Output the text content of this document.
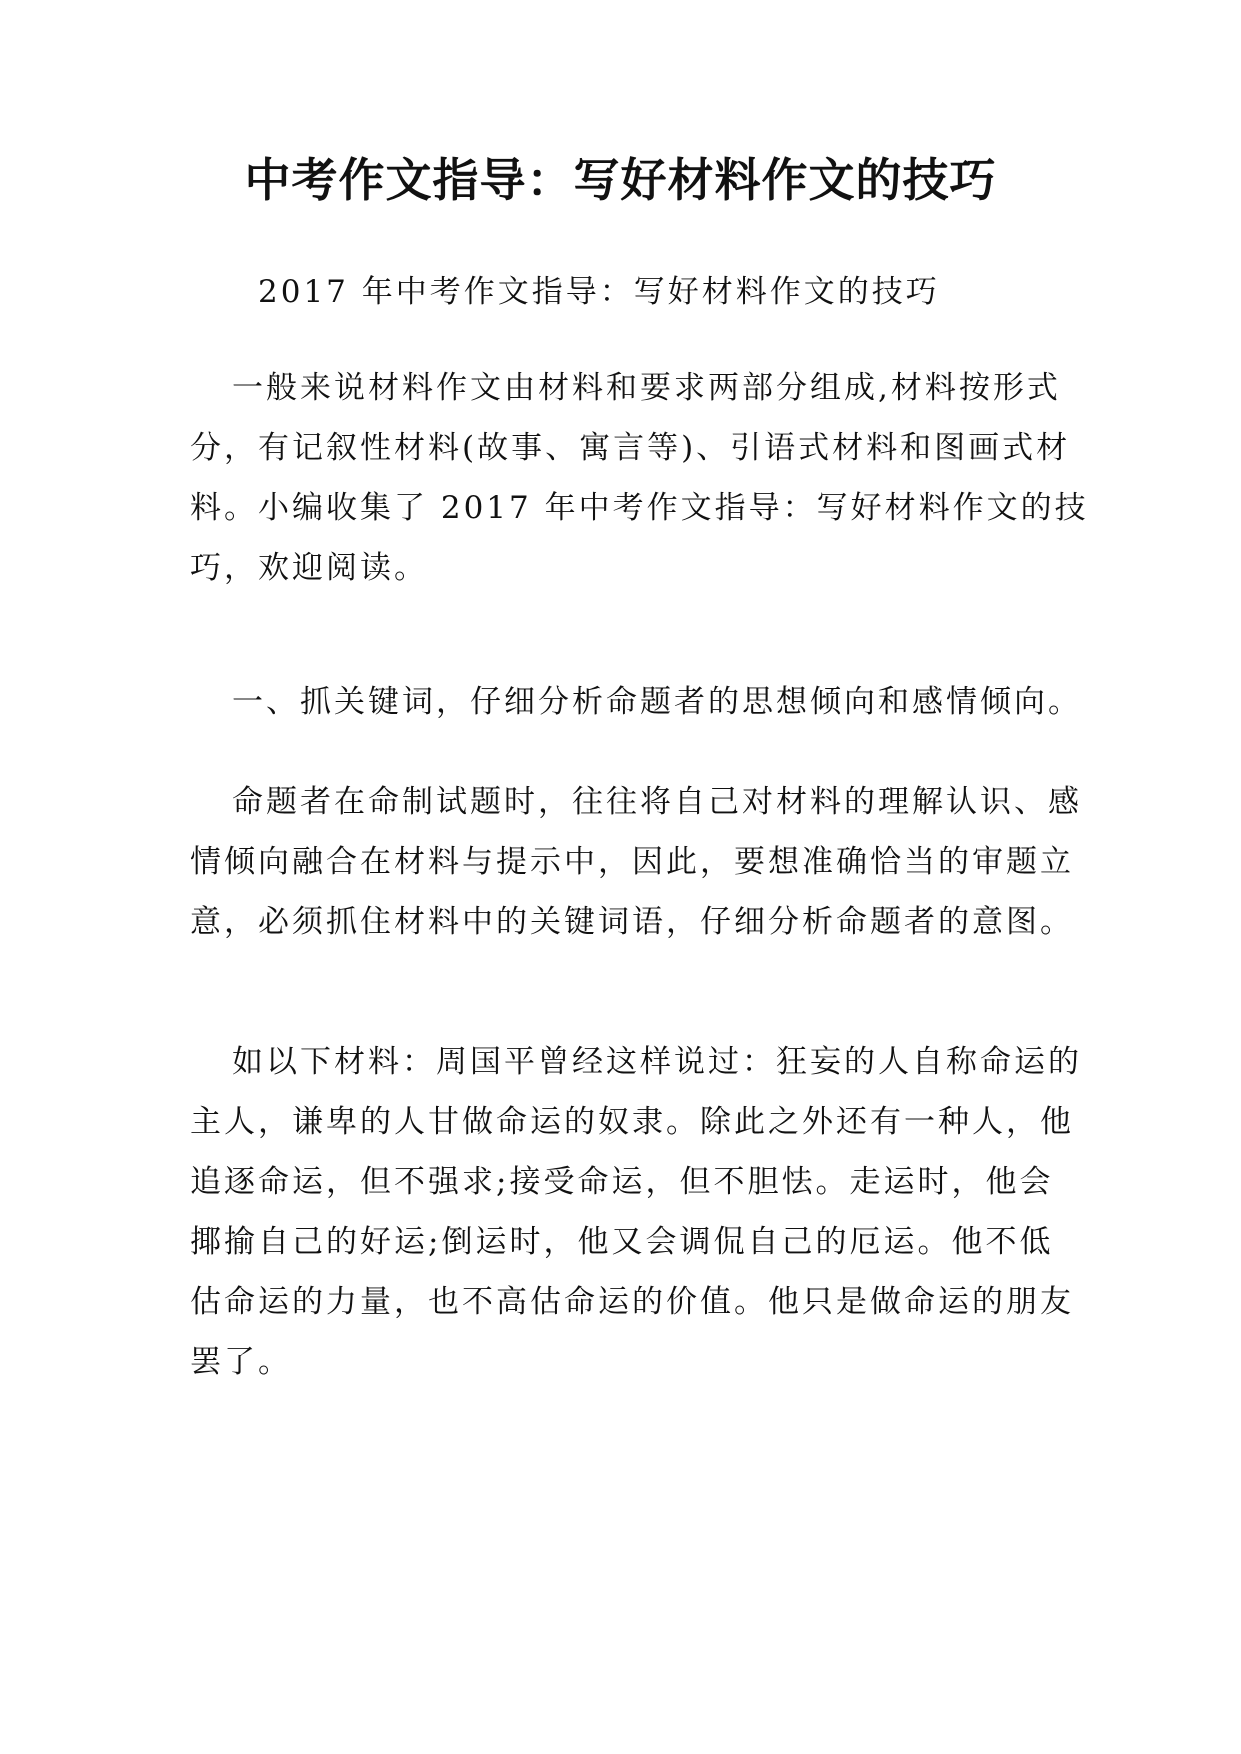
中考作文指导：写好材料作文的技巧
2017 年中考作文指导：写好材料作文的技巧
一般来说材料作文由材料和要求两部分组成,材料按形式
分，有记叙性材料(故事、寓言等)、引语式材料和图画式材
料。小编收集了 2017 年中考作文指导：写好材料作文的技
巧，欢迎阅读。
一、抓关键词，仔细分析命题者的思想倾向和感情倾向。
命题者在命制试题时，往往将自己对材料的理解认识、感
情倾向融合在材料与提示中，因此，要想准确恰当的审题立
意，必须抓住材料中的关键词语，仔细分析命题者的意图。
如以下材料：周国平曾经这样说过：狂妄的人自称命运的
主人，谦卑的人甘做命运的奴隶。除此之外还有一种人，他
追逐命运，但不强求;接受命运，但不胆怯。走运时，他会
揶揄自己的好运;倒运时，他又会调侃自己的厄运。他不低
估命运的力量，也不高估命运的价值。他只是做命运的朋友
罢了。
